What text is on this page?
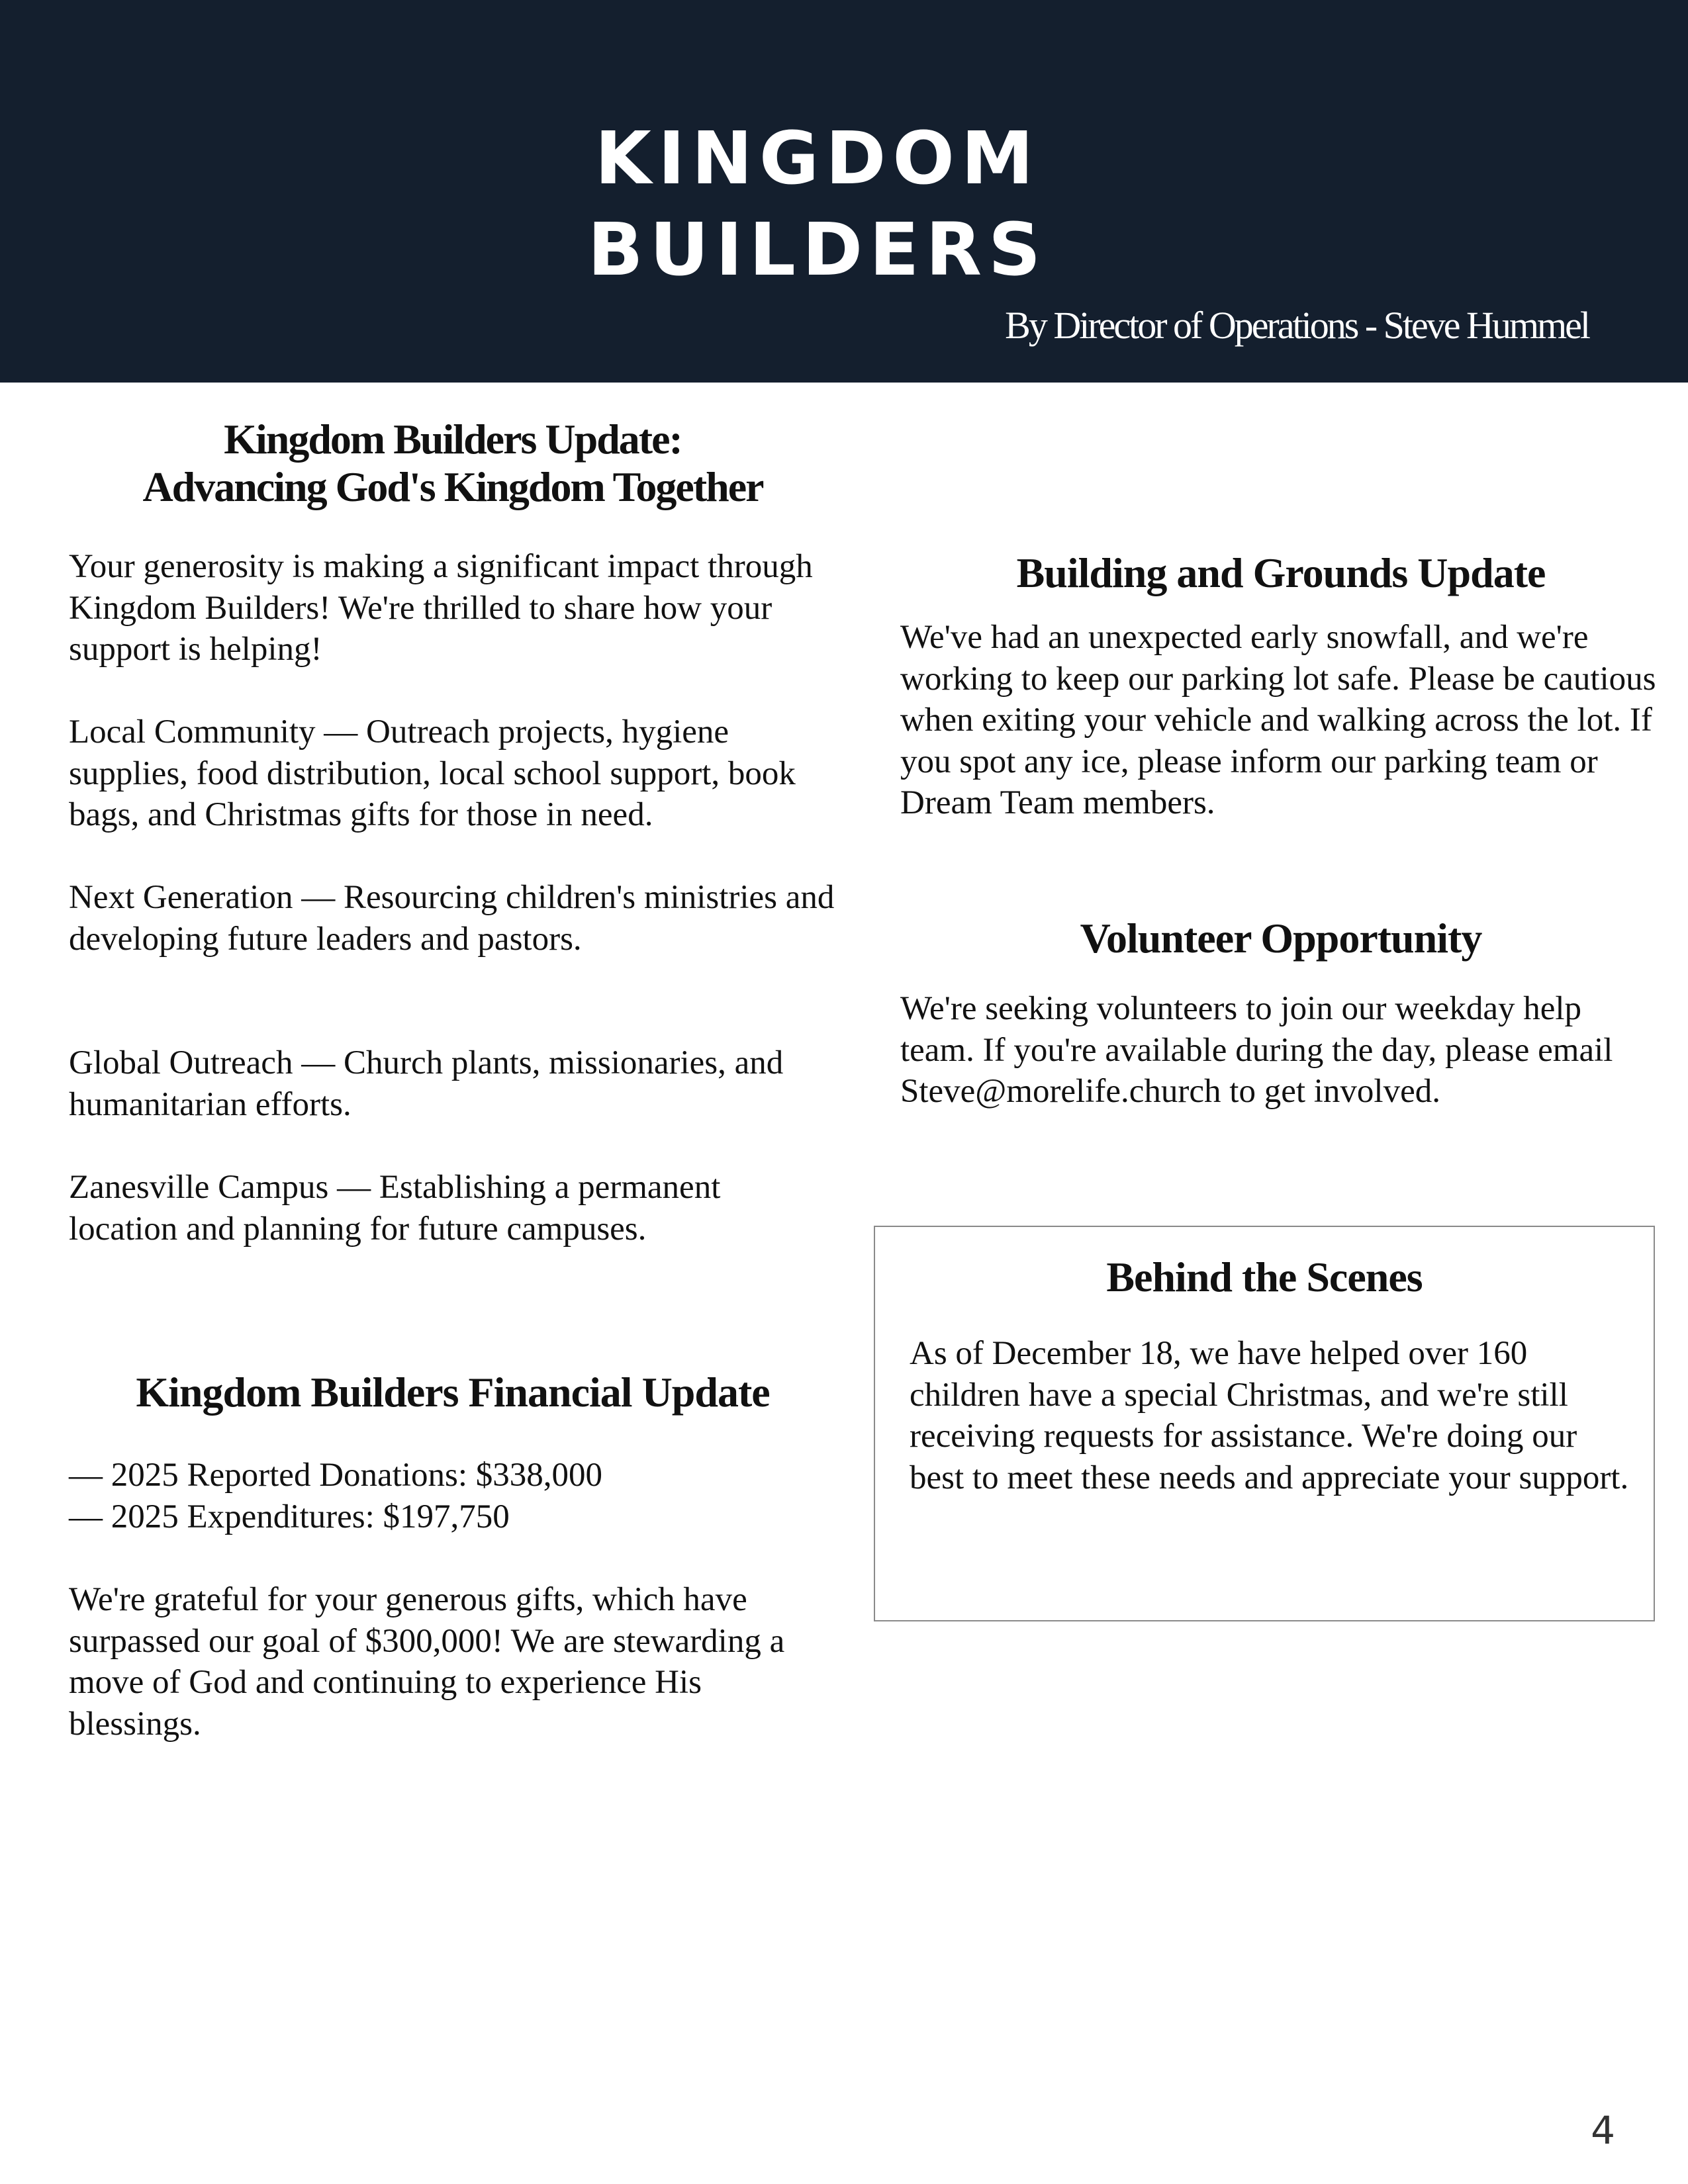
KINGDOM
BUILDERS
By Director of Operations - Steve Hummel
Kingdom Builders Update:
Advancing God's Kingdom Together

Your generosity is making a significant impact through Kingdom Builders! We're thrilled to share how your support is helping!

Local Community — Outreach projects, hygiene supplies, food distribution, local school support, book bags, and Christmas gifts for those in need.

Next Generation — Resourcing children's ministries and developing future leaders and pastors.

Global Outreach — Church plants, missionaries, and humanitarian efforts.

Zanesville Campus — Establishing a permanent location and planning for future campuses.

Kingdom Builders Financial Update

— 2025 Reported Donations: $338,000

— 2025 Expenditures: $197,750

We're grateful for your generous gifts, which have surpassed our goal of $300,000! We are stewarding a move of God and continuing to experience His blessings.

Building and Grounds Update

We've had an unexpected early snowfall, and we're working to keep our parking lot safe. Please be cautious when exiting your vehicle and walking across the lot. If you spot any ice, please inform our parking team or Dream Team members.

Volunteer Opportunity

We're seeking volunteers to join our weekday help team. If you're available during the day, please email Steve@morelife.church to get involved.

Behind the Scenes

As of December 18, we have helped over 160 children have a special Christmas, and we're still receiving requests for assistance. We're doing our best to meet these needs and appreciate your support.

4
